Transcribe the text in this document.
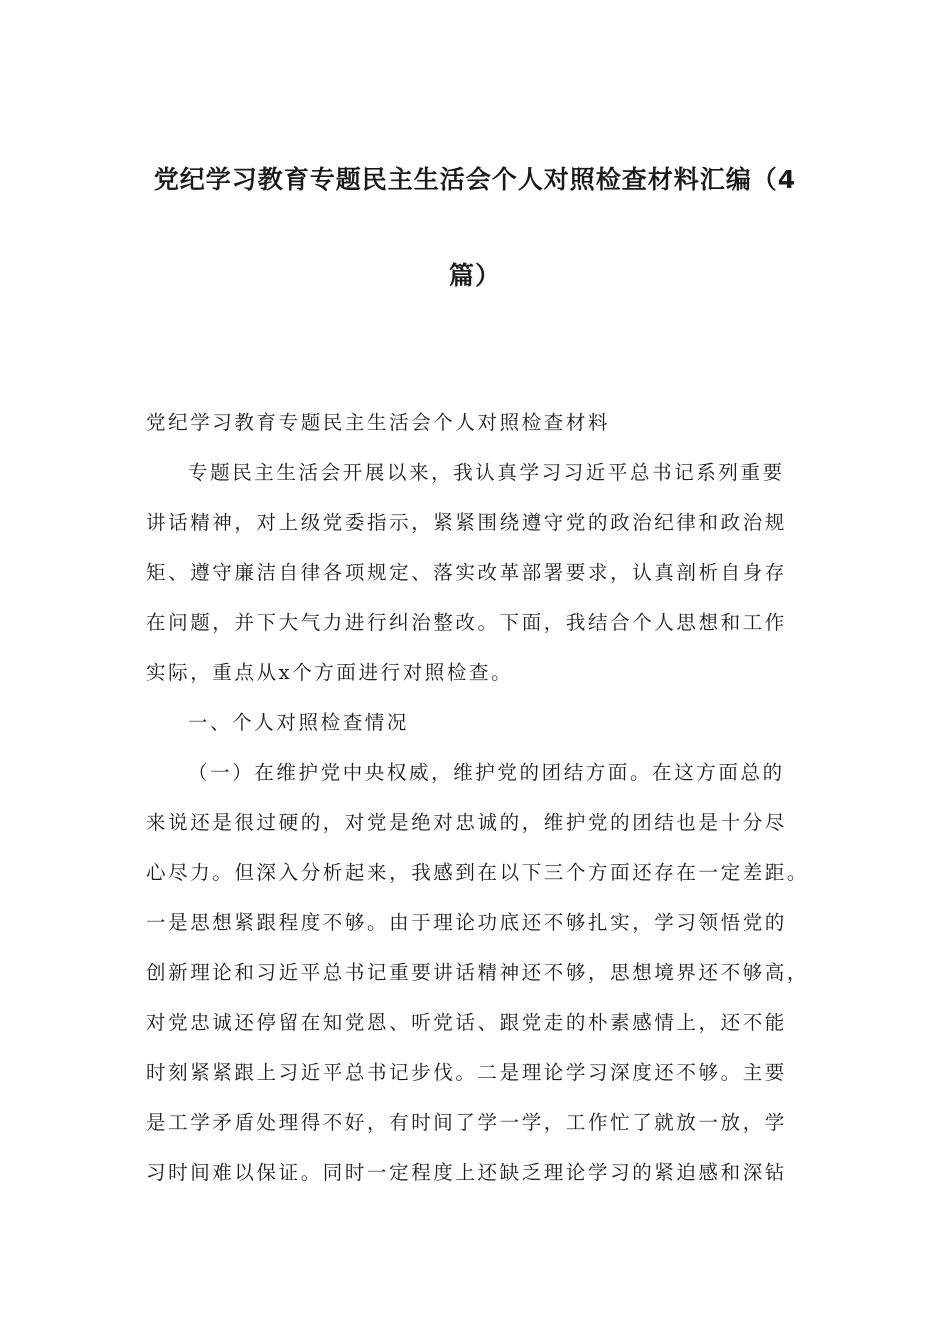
党纪学习教育专题民主生活会个人对照检查材料汇编（4
篇）
党纪学习教育专题民主生活会个人对照检查材料
专题民主生活会开展以来，我认真学习习近平总书记系列重要
讲话精神，对上级党委指示，紧紧围绕遵守党的政治纪律和政治规
矩、遵守廉洁自律各项规定、落实改革部署要求，认真剖析自身存
在问题，并下大气力进行纠治整改。下面，我结合个人思想和工作
实际，重点从x个方面进行对照检查。
一、个人对照检查情况
（一）在维护党中央权威，维护党的团结方面。在这方面总的
来说还是很过硬的，对党是绝对忠诚的，维护党的团结也是十分尽
心尽力。但深入分析起来，我感到在以下三个方面还存在一定差距。
一是思想紧跟程度不够。由于理论功底还不够扎实，学习领悟党的
创新理论和习近平总书记重要讲话精神还不够，思想境界还不够高，
对党忠诚还停留在知党恩、听党话、跟党走的朴素感情上，还不能
时刻紧紧跟上习近平总书记步伐。二是理论学习深度还不够。主要
是工学矛盾处理得不好，有时间了学一学，工作忙了就放一放，学
习时间难以保证。同时一定程度上还缺乏理论学习的紧迫感和深钻
